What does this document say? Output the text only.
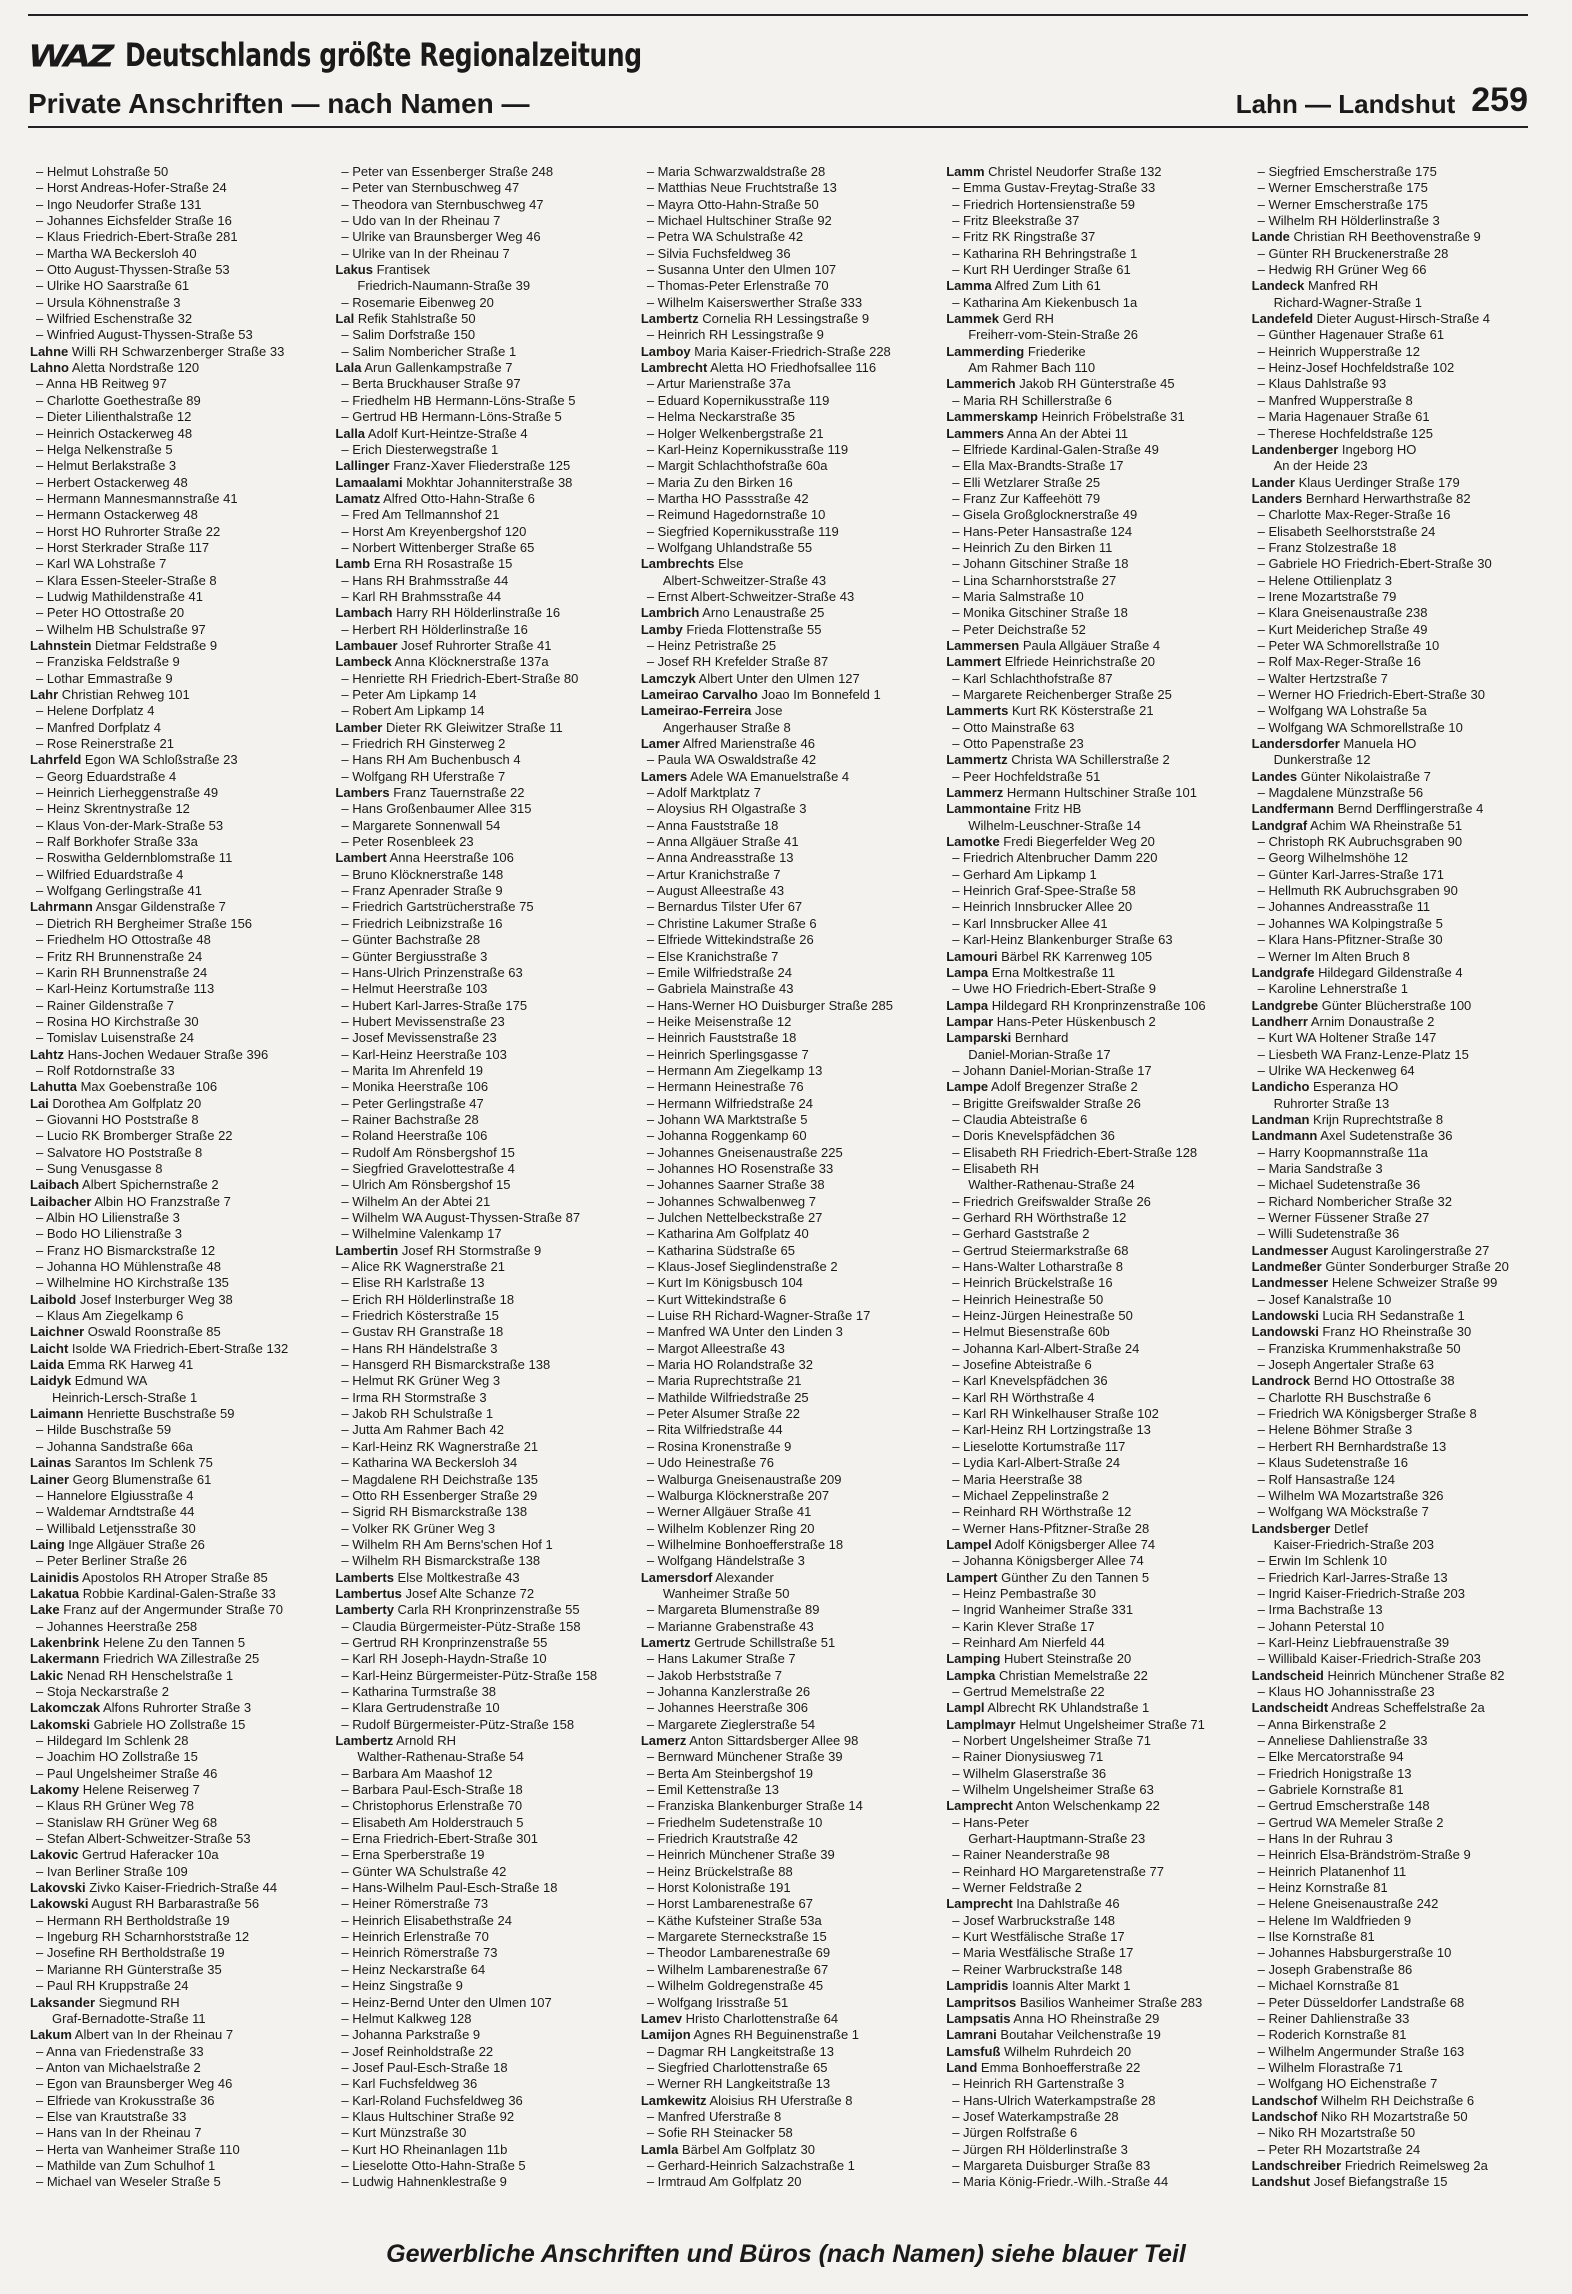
WAZ Deutschlands größte Regionalzeitung
Private Anschriften — nach Namen —	Lahn — Landshut 259
– Helmut Lohstraße 50
– Horst Andreas-Hofer-Straße 24
– Ingo Neudorfer Straße 131
– Johannes Eichsfelder Straße 16
– Klaus Friedrich-Ebert-Straße 281
– Martha WA Beckersloh 40
– Otto August-Thyssen-Straße 53
– Ulrike HO Saarstraße 61
– Ursula Köhnenstraße 3
– Wilfried Eschenstraße 32
– Winfried August-Thyssen-Straße 53
Lahne Willi RH Schwarzenberger Straße 33
Lahno Aletta Nordstraße 120
– Anna HB Reitweg 97
– Charlotte Goethestraße 89
– Dieter Lilienthalstraße 12
– Heinrich Ostackerweg 48
– Helga Nelkenstraße 5
– Helmut Berlakstraße 3
– Herbert Ostackerweg 48
– Hermann Mannesmannstraße 41
– Hermann Ostackerweg 48
– Horst HO Ruhrorter Straße 22
– Horst Sterkrader Straße 117
– Karl WA Lohstraße 7
– Klara Essen-Steeler-Straße 8
– Ludwig Mathildenstraße 41
– Peter HO Ottostraße 20
– Wilhelm HB Schulstraße 97
Lahnstein Dietmar Feldstraße 9
– Franziska Feldstraße 9
– Lothar Emmastraße 9
Lahr Christian Rehweg 101
– Helene Dorfplatz 4
– Manfred Dorfplatz 4
– Rose Reinerstraße 21
Lahrfeld Egon WA Schloßstraße 23
– Georg Eduardstraße 4
– Heinrich Lierheggenstraße 49
– Heinz Skrentnystraße 12
– Klaus Von-der-Mark-Straße 53
– Ralf Borkhofer Straße 33a
– Roswitha Geldernblomstraße 11
– Wilfried Eduardstraße 4
– Wolfgang Gerlingstraße 41
Lahrmann Ansgar Gildenstraße 7
– Dietrich RH Bergheimer Straße 156
– Friedhelm HO Ottostraße 48
– Fritz RH Brunnenstraße 24
– Karin RH Brunnenstraße 24
– Karl-Heinz Kortumstraße 113
– Rainer Gildenstraße 7
– Rosina HO Kirchstraße 30
– Tomislav Luisenstraße 24
Lahtz Hans-Jochen Wedauer Straße 396
– Rolf Rotdornstraße 33
Lahutta Max Goebenstraße 106
Lai Dorothea Am Golfplatz 20
– Giovanni HO Poststraße 8
– Lucio RK Bromberger Straße 22
– Salvatore HO Poststraße 8
– Sung Venusgasse 8
Laibach Albert Spichernstraße 2
Laibacher Albin HO Franzstraße 7
– Albin HO Lilienstraße 3
– Bodo HO Lilienstraße 3
– Franz HO Bismarckstraße 12
– Johanna HO Mühlenstraße 48
– Wilhelmine HO Kirchstraße 135
Laibold Josef Insterburger Weg 38
– Klaus Am Ziegelkamp 6
Laichner Oswald Roonstraße 85
Laicht Isolde WA Friedrich-Ebert-Straße 132
Laida Emma RK Harweg 41
Laidyk Edmund WA
Heinrich-Lersch-Straße 1
Laimann Henriette Buschstraße 59
– Hilde Buschstraße 59
– Johanna Sandstraße 66a
Lainas Sarantos Im Schlenk 75
Lainer Georg Blumenstraße 61
– Hannelore Elgiusstraße 4
– Waldemar Arndtstraße 44
– Willibald Letjensstraße 30
Laing Inge Allgäuer Straße 26
– Peter Berliner Straße 26
Lainidis Apostolos RH Atroper Straße 85
Lakatua Robbie Kardinal-Galen-Straße 33
Lake Franz auf der Angermunder Straße 70
– Johannes Heerstraße 258
Lakenbrink Helene Zu den Tannen 5
Lakermann Friedrich WA Zillestraße 25
Lakic Nenad RH Henschelstraße 1
– Stoja Neckarstraße 2
Lakomczak Alfons Ruhrorter Straße 3
Lakomski Gabriele HO Zollstraße 15
– Hildegard Im Schlenk 28
– Joachim HO Zollstraße 15
– Paul Ungelsheimer Straße 46
Lakomy Helene Reiserweg 7
– Klaus RH Grüner Weg 78
– Stanislaw RH Grüner Weg 68
– Stefan Albert-Schweitzer-Straße 53
Lakovic Gertrud Haferacker 10a
– Ivan Berliner Straße 109
Lakovski Zivko Kaiser-Friedrich-Straße 44
Lakowski August RH Barbarastraße 56
– Hermann RH Bertholdstraße 19
– Ingeburg RH Scharnhorststraße 12
– Josefine RH Bertholdstraße 19
– Marianne RH Günterstraße 35
– Paul RH Kruppstraße 24
Laksander Siegmund RH
Graf-Bernadotte-Straße 11
Lakum Albert van In der Rheinau 7
– Anna van Friedenstraße 33
– Anton van Michaelstraße 2
– Egon van Braunsberger Weg 46
– Elfriede van Krokusstraße 36
– Else van Krautstraße 33
– Hans van In der Rheinau 7
– Herta van Wanheimer Straße 110
– Mathilde van Zum Schulhof 1
– Michael van Weseler Straße 5
– Peter van Essenberger Straße 248
– Peter van Sternbuschweg 47
– Theodora van Sternbuschweg 47
– Udo van In der Rheinau 7
– Ulrike van Braunsberger Weg 46
– Ulrike van In der Rheinau 7
Lakus Frantisek
Friedrich-Naumann-Straße 39
– Rosemarie Eibenweg 20
Lal Refik Stahlstraße 50
– Salim Dorfstraße 150
– Salim Nombericher Straße 1
Lala Arun Gallenkampstraße 7
– Berta Bruckhauser Straße 97
– Friedhelm HB Hermann-Löns-Straße 5
– Gertrud HB Hermann-Löns-Straße 5
Lalla Adolf Kurt-Heintze-Straße 4
– Erich Diesterwegstraße 1
Lallinger Franz-Xaver Fliederstraße 125
Lamaalami Mokhtar Johanniterstraße 38
Lamatz Alfred Otto-Hahn-Straße 6
– Fred Am Tellmannshof 21
– Horst Am Kreyenbergshof 120
– Norbert Wittenberger Straße 65
Lamb Erna RH Rosastraße 15
– Hans RH Brahmsstraße 44
– Karl RH Brahmsstraße 44
Lambach Harry RH Hölderlinstraße 16
– Herbert RH Hölderlinstraße 16
Lambauer Josef Ruhrorter Straße 41
Lambeck Anna Klöcknerstraße 137a
– Henriette RH Friedrich-Ebert-Straße 80
– Peter Am Lipkamp 14
– Robert Am Lipkamp 14
Lamber Dieter RK Gleiwitzer Straße 11
– Friedrich RH Ginsterweg 2
– Hans RH Am Buchenbusch 4
– Wolfgang RH Uferstraße 7
Lambers Franz Tauernstraße 22
– Hans Großenbaumer Allee 315
– Margarete Sonnenwall 54
– Peter Rosenbleek 23
Lambert Anna Heerstraße 106
– Bruno Klöcknerstraße 148
– Franz Apenrader Straße 9
– Friedrich Gartstrücherstraße 75
– Friedrich Leibnizstraße 16
– Günter Bachstraße 28
– Günter Bergiusstraße 3
– Hans-Ulrich Prinzenstraße 63
– Helmut Heerstraße 103
– Hubert Karl-Jarres-Straße 175
– Hubert Mevissenstraße 23
– Josef Mevissenstraße 23
– Karl-Heinz Heerstraße 103
– Marita Im Ahrenfeld 19
– Monika Heerstraße 106
– Peter Gerlingstraße 47
– Rainer Bachstraße 28
– Roland Heerstraße 106
– Rudolf Am Rönsbergshof 15
– Siegfried Gravelottestraße 4
– Ulrich Am Rönsbergshof 15
– Wilhelm An der Abtei 21
– Wilhelm WA August-Thyssen-Straße 87
– Wilhelmine Valenkamp 17
Lambertin Josef RH Stormstraße 9
– Alice RK Wagnerstraße 21
– Elise RH Karlstraße 13
– Erich RH Hölderlinstraße 18
– Friedrich Kösterstraße 15
– Gustav RH Granstraße 18
– Hans RH Händelstraße 3
– Hansgerd RH Bismarckstraße 138
– Helmut RK Grüner Weg 3
– Irma RH Stormstraße 3
– Jakob RH Schulstraße 1
– Jutta Am Rahmer Bach 42
– Karl-Heinz RK Wagnerstraße 21
– Katharina WA Beckersloh 34
– Magdalene RH Deichstraße 135
– Otto RH Essenberger Straße 29
– Sigrid RH Bismarckstraße 138
– Volker RK Grüner Weg 3
– Wilhelm RH Am Berns'schen Hof 1
– Wilhelm RH Bismarckstraße 138
Lamberts Else Moltkestraße 43
Lambertus Josef Alte Schanze 72
Lamberty Carla RH Kronprinzenstraße 55
– Claudia Bürgermeister-Pütz-Straße 158
– Gertrud RH Kronprinzenstraße 55
– Karl RH Joseph-Haydn-Straße 10
– Karl-Heinz Bürgermeister-Pütz-Straße 158
– Katharina Turmstraße 38
– Klara Gertrudenstraße 10
– Rudolf Bürgermeister-Pütz-Straße 158
Lambertz Arnold RH
Walther-Rathenau-Straße 54
– Barbara Am Maashof 12
– Barbara Paul-Esch-Straße 18
– Christophorus Erlenstraße 70
– Elisabeth Am Holderstrauch 5
– Erna Friedrich-Ebert-Straße 301
– Erna Sperberstraße 19
– Günter WA Schulstraße 42
– Hans-Wilhelm Paul-Esch-Straße 18
– Heiner Römerstraße 73
– Heinrich Elisabethstraße 24
– Heinrich Erlenstraße 70
– Heinrich Römerstraße 73
– Heinz Neckarstraße 64
– Heinz Singstraße 9
– Heinz-Bernd Unter den Ulmen 107
– Helmut Kalkweg 128
– Johanna Parkstraße 9
– Josef Reinholdstraße 22
– Josef Paul-Esch-Straße 18
– Karl Fuchsfeldweg 36
– Karl-Roland Fuchsfeldweg 36
– Klaus Hultschiner Straße 92
– Kurt Münzstraße 30
– Kurt HO Rheinanlagen 11b
– Lieselotte Otto-Hahn-Straße 5
– Ludwig Hahnenklestraße 9
– Maria Schwarzwaldstraße 28
– Matthias Neue Fruchtstraße 13
– Mayra Otto-Hahn-Straße 50
– Michael Hultschiner Straße 92
– Petra WA Schulstraße 42
– Silvia Fuchsfeldweg 36
– Susanna Unter den Ulmen 107
– Thomas-Peter Erlenstraße 70
– Wilhelm Kaiserswerther Straße 333
Lambertz Cornelia RH Lessingstraße 9
– Heinrich RH Lessingstraße 9
Lamboy Maria Kaiser-Friedrich-Straße 228
Lambrecht Aletta HO Friedhofsallee 116
– Artur Marienstraße 37a
– Eduard Kopernikusstraße 119
– Helma Neckarstraße 35
– Holger Welkenbergstraße 21
– Karl-Heinz Kopernikusstraße 119
– Margit Schlachthofstraße 60a
– Maria Zu den Birken 16
– Martha HO Passstraße 42
– Reimund Hagedornstraße 10
– Siegfried Kopernikusstraße 119
– Wolfgang Uhlandstraße 55
Lambrechts Else
Albert-Schweitzer-Straße 43
– Ernst Albert-Schweitzer-Straße 43
Lambrich Arno Lenaustraße 25
Lamby Frieda Flottenstraße 55
– Heinz Petristraße 25
– Josef RH Krefelder Straße 87
Lamczyk Albert Unter den Ulmen 127
Lameirao Carvalho Joao Im Bonnefeld 1
Lameirao-Ferreira Jose
Angerhauser Straße 8
Lamer Alfred Marienstraße 46
– Paula WA Oswaldstraße 42
Lamers Adele WA Emanuelstraße 4
– Adolf Marktplatz 7
– Aloysius RH Olgastraße 3
– Anna Fauststraße 18
– Anna Allgäuer Straße 41
– Anna Andreasstraße 13
– Artur Kranichstraße 7
– August Alleestraße 43
– Bernardus Tilster Ufer 67
– Christine Lakumer Straße 6
– Elfriede Wittekindstraße 26
– Else Kranichstraße 7
– Emile Wilfriedstraße 24
– Gabriela Mainstraße 43
– Hans-Werner HO Duisburger Straße 285
– Heike Meisenstraße 12
– Heinrich Fauststraße 18
– Heinrich Sperlingsgasse 7
– Hermann Am Ziegelkamp 13
– Hermann Heinestraße 76
– Hermann Wilfriedstraße 24
– Johann WA Marktstraße 5
– Johanna Roggenkamp 60
– Johannes Gneisenaustraße 225
– Johannes HO Rosenstraße 33
– Johannes Saarner Straße 38
– Johannes Schwalbenweg 7
– Julchen Nettelbeckstraße 27
– Katharina Am Golfplatz 40
– Katharina Südstraße 65
– Klaus-Josef Sieglindenstraße 2
– Kurt Im Königsbusch 104
– Kurt Wittekindstraße 6
– Luise RH Richard-Wagner-Straße 17
– Manfred WA Unter den Linden 3
– Margot Alleestraße 43
– Maria HO Rolandstraße 32
– Maria Ruprechtstraße 21
– Mathilde Wilfriedstraße 25
– Peter Alsumer Straße 22
– Rita Wilfriedstraße 44
– Rosina Kronenstraße 9
– Udo Heinestraße 76
– Walburga Gneisenaustraße 209
– Walburga Klöcknerstraße 207
– Werner Allgäuer Straße 41
– Wilhelm Koblenzer Ring 20
– Wilhelmine Bonhoefferstraße 18
– Wolfgang Händelstraße 3
Lamersdorf Alexander
Wanheimer Straße 50
– Margareta Blumenstraße 89
– Marianne Grabenstraße 43
Lamertz Gertrude Schillstraße 51
– Hans Lakumer Straße 7
– Jakob Herbststraße 7
– Johanna Kanzlerstraße 26
– Johannes Heerstraße 306
– Margarete Zieglerstraße 54
Lamerz Anton Sittardsberger Allee 98
– Bernward Münchener Straße 39
– Berta Am Steinbergshof 19
– Emil Kettenstraße 13
– Franziska Blankenburger Straße 14
– Friedhelm Sudetenstraße 10
– Friedrich Krautstraße 42
– Heinrich Münchener Straße 39
– Heinz Brückelstraße 88
– Horst Kolonistraße 191
– Horst Lambarenestraße 67
– Käthe Kufsteiner Straße 53a
– Margarete Sterneckstraße 15
– Theodor Lambarenestraße 69
– Wilhelm Lambarenestraße 67
– Wilhelm Goldregenstraße 45
– Wolfgang Irisstraße 51
Lamev Hristo Charlottenstraße 64
Lamijon Agnes RH Beguinenstraße 1
– Dagmar RH Langkeitstraße 13
– Siegfried Charlottenstraße 65
– Werner RH Langkeitstraße 13
Lamkewitz Aloisius RH Uferstraße 8
– Manfred Uferstraße 8
– Sofie RH Steinacker 58
Lamla Bärbel Am Golfplatz 30
– Gerhard-Heinrich Salzachstraße 1
– Irmtraud Am Golfplatz 20
Lamm Christel Neudorfer Straße 132
– Emma Gustav-Freytag-Straße 33
– Friedrich Hortensienstraße 59
– Fritz Bleekstraße 37
– Fritz RK Ringstraße 37
– Katharina RH Behringstraße 1
– Kurt RH Uerdinger Straße 61
Lamma Alfred Zum Lith 61
– Katharina Am Kiekenbusch 1a
Lammek Gerd RH
Freiherr-vom-Stein-Straße 26
Lammerding Friederike
Am Rahmer Bach 110
Lammerich Jakob RH Günterstraße 45
– Maria RH Schillerstraße 6
Lammerskamp Heinrich Fröbelstraße 31
Lammers Anna An der Abtei 11
– Elfriede Kardinal-Galen-Straße 49
– Ella Max-Brandts-Straße 17
– Elli Wetzlarer Straße 25
– Franz Zur Kaffeehött 79
– Gisela Großglocknerstraße 49
– Hans-Peter Hansastraße 124
– Heinrich Zu den Birken 11
– Johann Gitschiner Straße 18
– Lina Scharnhorststraße 27
– Maria Salmstraße 10
– Monika Gitschiner Straße 18
– Peter Deichstraße 52
Lammersen Paula Allgäuer Straße 4
Lammert Elfriede Heinrichstraße 20
– Karl Schlachthofstraße 87
– Margarete Reichenberger Straße 25
Lammerts Kurt RK Kösterstraße 21
– Otto Mainstraße 63
– Otto Papenstraße 23
Lammertz Christa WA Schillerstraße 2
– Peer Hochfeldstraße 51
Lammerz Hermann Hultschiner Straße 101
Lammontaine Fritz HB
Wilhelm-Leuschner-Straße 14
Lamotke Fredi Biegerfelder Weg 20
– Friedrich Altenbrucher Damm 220
– Gerhard Am Lipkamp 1
– Heinrich Graf-Spee-Straße 58
– Heinrich Innsbrucker Allee 20
– Karl Innsbrucker Allee 41
– Karl-Heinz Blankenburger Straße 63
Lamouri Bärbel RK Karrenweg 105
Lampa Erna Moltkestraße 11
– Uwe HO Friedrich-Ebert-Straße 9
Lampa Hildegard RH Kronprinzenstraße 106
Lampar Hans-Peter Hüskenbusch 2
Lamparski Bernhard
Daniel-Morian-Straße 17
– Johann Daniel-Morian-Straße 17
Lampe Adolf Bregenzer Straße 2
– Brigitte Greifswalder Straße 26
– Claudia Abteistraße 6
– Doris Knevelspfädchen 36
– Elisabeth RH Friedrich-Ebert-Straße 128
– Elisabeth RH
Walther-Rathenau-Straße 24
– Friedrich Greifswalder Straße 26
– Gerhard RH Wörthstraße 12
– Gerhard Gaststraße 2
– Gertrud Steiermarkstraße 68
– Hans-Walter Lotharstraße 8
– Heinrich Brückelstraße 16
– Heinrich Heinestraße 50
– Heinz-Jürgen Heinestraße 50
– Helmut Biesenstraße 60b
– Johanna Karl-Albert-Straße 24
– Josefine Abteistraße 6
– Karl Knevelspfädchen 36
– Karl RH Wörthstraße 4
– Karl RH Winkelhauser Straße 102
– Karl-Heinz RH Lortzingstraße 13
– Lieselotte Kortumstraße 117
– Lydia Karl-Albert-Straße 24
– Maria Heerstraße 38
– Michael Zeppelinstraße 2
– Reinhard RH Wörthstraße 12
– Werner Hans-Pfitzner-Straße 28
Lampel Adolf Königsberger Allee 74
– Johanna Königsberger Allee 74
Lampert Günther Zu den Tannen 5
– Heinz Pembastraße 30
– Ingrid Wanheimer Straße 331
– Karin Klever Straße 17
– Reinhard Am Nierfeld 44
Lamping Hubert Steinstraße 20
Lampka Christian Memelstraße 22
– Gertrud Memelstraße 22
Lampl Albrecht RK Uhlandstraße 1
Lamplmayr Helmut Ungelsheimer Straße 71
– Norbert Ungelsheimer Straße 71
– Rainer Dionysiusweg 71
– Wilhelm Glaserstraße 36
– Wilhelm Ungelsheimer Straße 63
Lamprecht Anton Welschenkamp 22
– Hans-Peter
Gerhart-Hauptmann-Straße 23
– Rainer Neanderstraße 98
– Reinhard HO Margaretenstraße 77
– Werner Feldstraße 2
Lamprecht Ina Dahlstraße 46
– Josef Warbruckstraße 148
– Kurt Westfälische Straße 17
– Maria Westfälische Straße 17
– Reiner Warbruckstraße 148
Lampridis Ioannis Alter Markt 1
Lampritsos Basilios Wanheimer Straße 283
Lampsatis Anna HO Rheinstraße 29
Lamrani Boutahar Veilchenstraße 19
Lamsfuß Wilhelm Ruhrdeich 20
Land Emma Bonhoefferstraße 22
– Heinrich RH Gartenstraße 3
– Hans-Ulrich Waterkampstraße 28
– Josef Waterkampstraße 28
– Jürgen Rolfstraße 6
– Jürgen RH Hölderlinstraße 3
– Margareta Duisburger Straße 83
– Maria König-Friedr.-Wilh.-Straße 44
– Siegfried Emscherstraße 175
– Werner Emscherstraße 175
– Werner Emscherstraße 175
– Wilhelm RH Hölderlinstraße 3
Lande Christian RH Beethovenstraße 9
– Günter RH Bruckenerstraße 28
– Hedwig RH Grüner Weg 66
Landeck Manfred RH
Richard-Wagner-Straße 1
Landefeld Dieter August-Hirsch-Straße 4
– Günther Hagenauer Straße 61
– Heinrich Wupperstraße 12
– Heinz-Josef Hochfeldstraße 102
– Klaus Dahlstraße 93
– Manfred Wupperstraße 8
– Maria Hagenauer Straße 61
– Therese Hochfeldstraße 125
Landenberger Ingeborg HO
An der Heide 23
Lander Klaus Uerdinger Straße 179
Landers Bernhard Herwarthstraße 82
– Charlotte Max-Reger-Straße 16
– Elisabeth Seelhorststraße 24
– Franz Stolzestraße 18
– Gabriele HO Friedrich-Ebert-Straße 30
– Helene Ottilienplatz 3
– Irene Mozartstraße 79
– Klara Gneisenaustraße 238
– Kurt Meiderichер Straße 49
– Peter WA Schmorellstraße 10
– Rolf Max-Reger-Straße 16
– Walter Hertzstraße 7
– Werner HO Friedrich-Ebert-Straße 30
– Wolfgang WA Lohstraße 5a
– Wolfgang WA Schmorellstraße 10
Landersdorfer Manuela HO
Dunkerstraße 12
Landes Günter Nikolaistraße 7
– Magdalene Münzstraße 56
Landfermann Bernd Derfflingerstraße 4
Landgraf Achim WA Rheinstraße 51
– Christoph RK Aubruchsgraben 90
– Georg Wilhelmshöhe 12
– Günter Karl-Jarres-Straße 171
– Hellmuth RK Aubruchsgraben 90
– Johannes Andreasstraße 11
– Johannes WA Kolpingstraße 5
– Klara Hans-Pfitzner-Straße 30
– Werner Im Alten Bruch 8
Landgrafe Hildegard Gildenstraße 4
– Karoline Lehnerstraße 1
Landgrebe Günter Blücherstraße 100
Landherr Arnim Donaustraße 2
– Kurt WA Holtener Straße 147
– Liesbeth WA Franz-Lenze-Platz 15
– Ulrike WA Heckenweg 64
Landicho Esperanza HO
Ruhrorter Straße 13
Landman Krijn Ruprechtstraße 8
Landmann Axel Sudetenstraße 36
– Harry Koopmannstraße 11a
– Maria Sandstraße 3
– Michael Sudetenstraße 36
– Richard Nombericher Straße 32
– Werner Füssener Straße 27
– Willi Sudetenstraße 36
Landmesser August Karolingerstraße 27
Landmeßer Günter Sonderburger Straße 20
Landmesser Helene Schweizer Straße 99
– Josef Kanalstraße 10
Landowski Lucia RH Sedanstraße 1
Landowski Franz HO Rheinstraße 30
– Franziska Krummenhakstraße 50
– Joseph Angertaler Straße 63
Landrock Bernd HO Ottostraße 38
– Charlotte RH Buschstraße 6
– Friedrich WA Königsberger Straße 8
– Helene Böhmer Straße 3
– Herbert RH Bernhardstraße 13
– Klaus Sudetenstraße 16
– Rolf Hansastraße 124
– Wilhelm WA Mozartstraße 326
– Wolfgang WA Möckstraße 7
Landsberger Detlef
Kaiser-Friedrich-Straße 203
– Erwin Im Schlenk 10
– Friedrich Karl-Jarres-Straße 13
– Ingrid Kaiser-Friedrich-Straße 203
– Irma Bachstraße 13
– Johann Peterstal 10
– Karl-Heinz Liebfrauenstraße 39
– Willibald Kaiser-Friedrich-Straße 203
Landscheid Heinrich Münchener Straße 82
– Klaus HO Johannisstraße 23
Landscheidt Andreas Scheffelstraße 2a
– Anna Birkenstraße 2
– Anneliese Dahlienstraße 33
– Elke Mercatorstraße 94
– Friedrich Honigstraße 13
– Gabriele Kornstraße 81
– Gertrud Emscherstraße 148
– Gertrud WA Memeler Straße 2
– Hans In der Ruhrau 3
– Heinrich Elsa-Brändström-Straße 9
– Heinrich Platanenhof 11
– Heinz Kornstraße 81
– Helene Gneisenaustraße 242
– Helene Im Waldfrieden 9
– Ilse Kornstraße 81
– Johannes Habsburgerstraße 10
– Joseph Grabenstraße 86
– Michael Kornstraße 81
– Peter Düsseldorfer Landstraße 68
– Reiner Dahlienstraße 33
– Roderich Kornstraße 81
– Wilhelm Angermunder Straße 163
– Wilhelm Florastraße 71
– Wolfgang HO Eichenstraße 7
Landschof Wilhelm RH Deichstraße 6
Landschof Niko RH Mozartstraße 50
– Niko RH Mozartstraße 50
– Peter RH Mozartstraße 24
Landschreiber Friedrich Reimelsweg 2a
Landshut Josef Biefangstraße 15
Gewerbliche Anschriften und Büros (nach Namen) siehe blauer Teil
